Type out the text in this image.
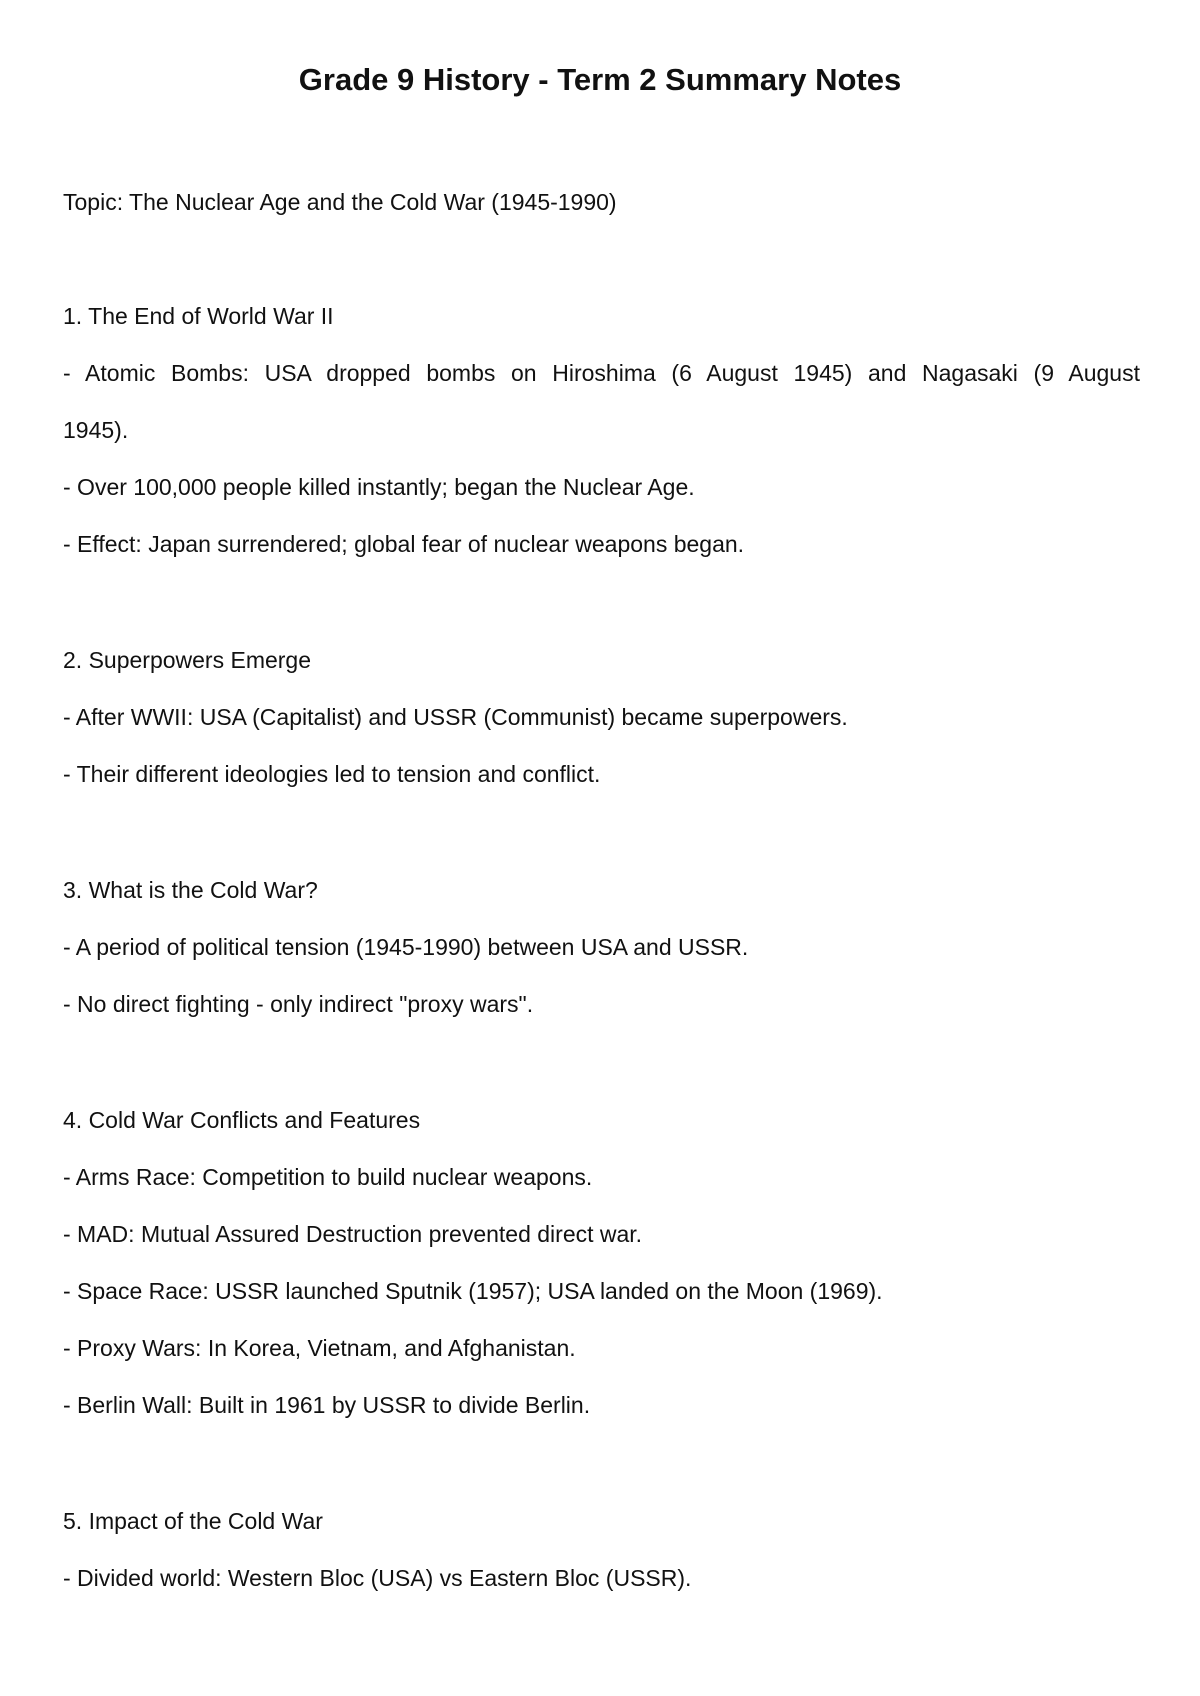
Grade 9 History - Term 2 Summary Notes

Topic: The Nuclear Age and the Cold War (1945-1990)

1. The End of World War II

- Atomic Bombs: USA dropped bombs on Hiroshima (6 August 1945) and Nagasaki (9 August

1945).

- Over 100,000 people killed instantly; began the Nuclear Age.

- Effect: Japan surrendered; global fear of nuclear weapons began.

2. Superpowers Emerge

- After WWII: USA (Capitalist) and USSR (Communist) became superpowers.

- Their different ideologies led to tension and conflict.

3. What is the Cold War?

- A period of political tension (1945-1990) between USA and USSR.

- No direct fighting - only indirect "proxy wars".

4. Cold War Conflicts and Features

- Arms Race: Competition to build nuclear weapons.

- MAD: Mutual Assured Destruction prevented direct war.

- Space Race: USSR launched Sputnik (1957); USA landed on the Moon (1969).

- Proxy Wars: In Korea, Vietnam, and Afghanistan.

- Berlin Wall: Built in 1961 by USSR to divide Berlin.

5. Impact of the Cold War

- Divided world: Western Bloc (USA) vs Eastern Bloc (USSR).
